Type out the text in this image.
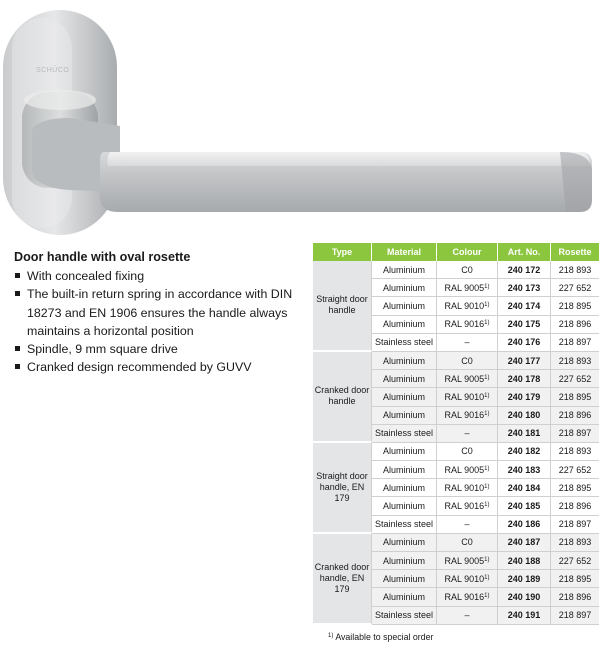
SCHÜCO
Door handle with oval rosette
With concealed fixing
The built-in return spring in accordance with DIN 18273 and EN 1906 ensures the handle always maintains a horizontal position
Spindle, 9 mm square drive
Cranked design recommended by GUVV
Type	Material	Colour	Art. No.	Rosette
Straight door handle	Aluminium	C0	240 172	218 893
	Aluminium	RAL 9005$^{1)}$	240 173	227 652
	Aluminium	RAL 9010$^{1)}$	240 174	218 895
	Aluminium	RAL 9016$^{1)}$	240 175	218 896
	Stainless steel	–	240 176	218 897
Cranked door handle	Aluminium	C0	240 177	218 893
	Aluminium	RAL 9005$^{1)}$	240 178	227 652
	Aluminium	RAL 9010$^{1)}$	240 179	218 895
	Aluminium	RAL 9016$^{1)}$	240 180	218 896
	Stainless steel	–	240 181	218 897
Straight door handle, EN 179	Aluminium	C0	240 182	218 893
	Aluminium	RAL 9005$^{1)}$	240 183	227 652
	Aluminium	RAL 9010$^{1)}$	240 184	218 895
	Aluminium	RAL 9016$^{1)}$	240 185	218 896
	Stainless steel	–	240 186	218 897
Cranked door handle, EN 179	Aluminium	C0	240 187	218 893
	Aluminium	RAL 9005$^{1)}$	240 188	227 652
	Aluminium	RAL 9010$^{1)}$	240 189	218 895
	Aluminium	RAL 9016$^{1)}$	240 190	218 896
	Stainless steel	–	240 191	218 897
$^{1)}$ Available to special order
